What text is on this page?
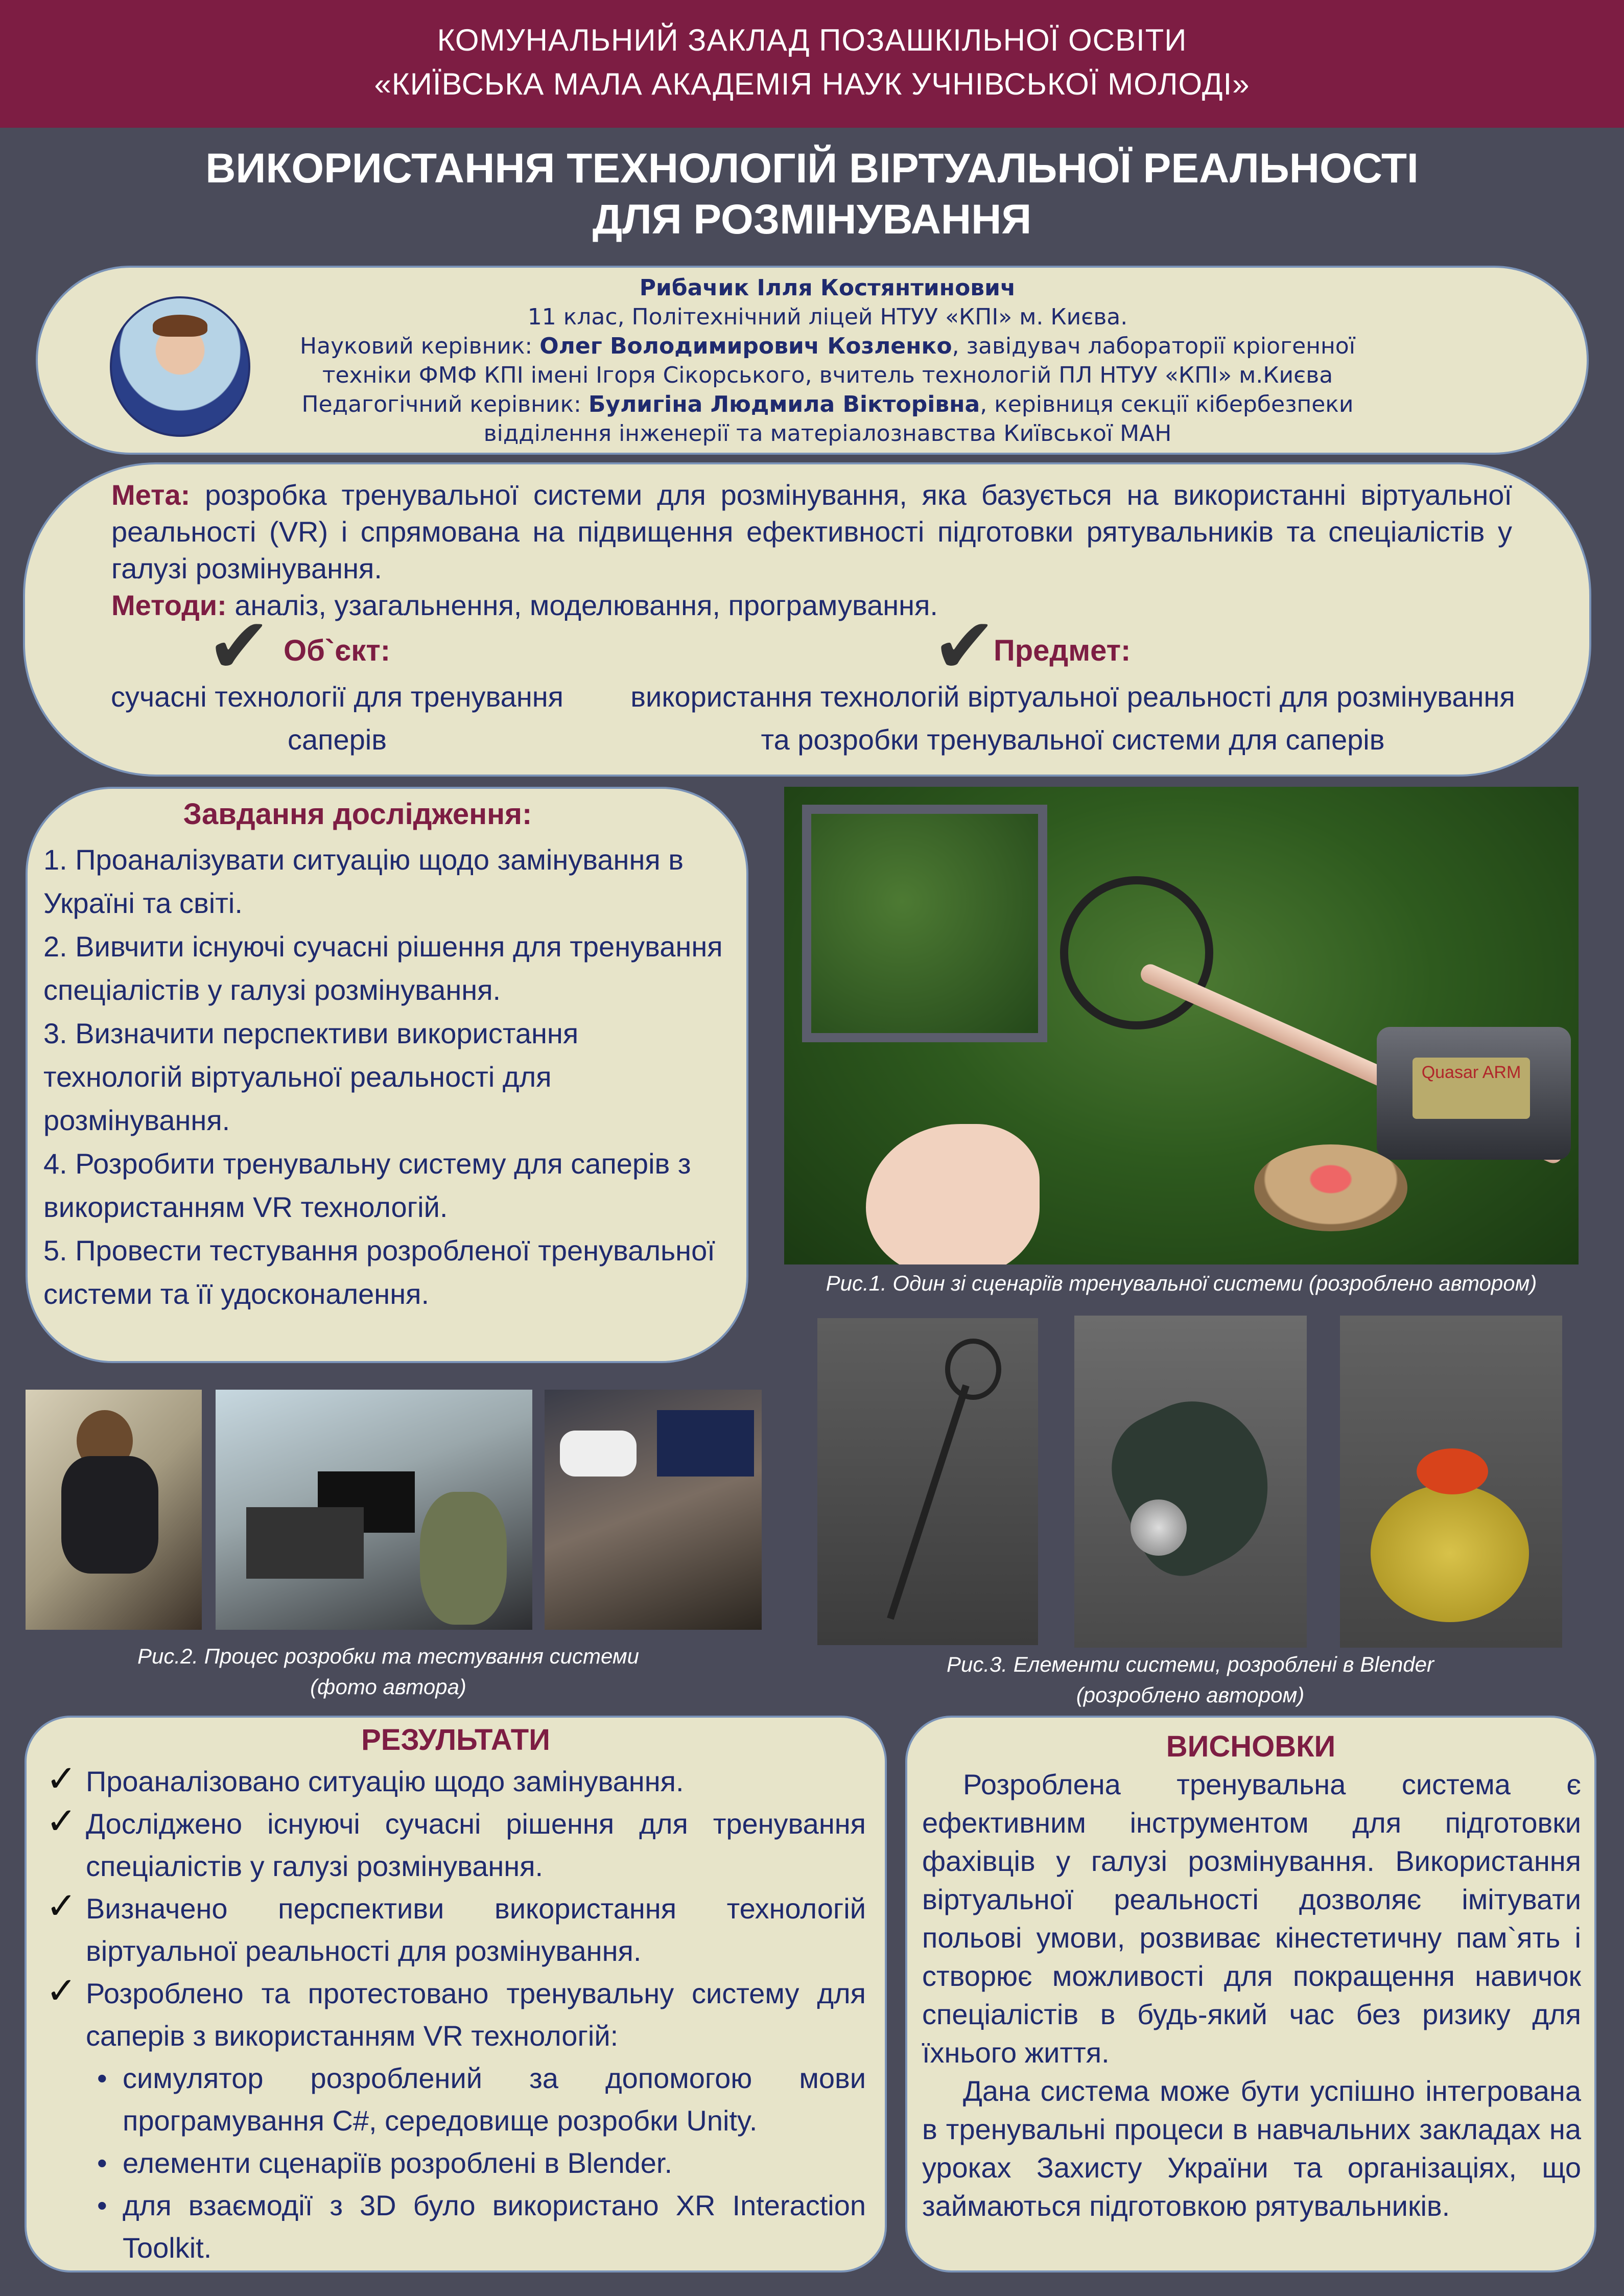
КОМУНАЛЬНИЙ ЗАКЛАД ПОЗАШКІЛЬНОЇ ОСВІТИ
«КИЇВСЬКА МАЛА АКАДЕМІЯ НАУК УЧНІВСЬКОЇ МОЛОДІ»
ВИКОРИСТАННЯ ТЕХНОЛОГІЙ ВІРТУАЛЬНОЇ РЕАЛЬНОСТІ
ДЛЯ РОЗМІНУВАННЯ
Рибачик Ілля Костянтинович
11 клас, Політехнічний ліцей НТУУ «КПІ» м. Києва.
Науковий керівник: Олег Володимирович Козленко, завідувач лабораторії кріогенної
техніки ФМФ КПІ імені Ігоря Сікорського, вчитель технологій ПЛ НТУУ «КПІ» м.Києва
Педагогічний керівник: Булигіна Людмила Вікторівна, керівниця секції кібербезпеки
відділення інженерії та матеріалознавства Київської МАН
Мета: розробка тренувальної системи для розмінування, яка базується на використанні віртуальної реальності (VR) і спрямована на підвищення ефективності підготовки рятувальників та спеціалістів у галузі розмінування.
Методи: аналіз, узагальнення, моделювання, програмування.
✔ Об`єкт:	✔
Предмет:
сучасні технології для тренування саперів
використання технологій віртуальної реальності для розмінування та розробки тренувальної системи для саперів
Завдання дослідження:
1. Проаналізувати ситуацію щодо замінування в Україні та світі.
2. Вивчити існуючі сучасні рішення для тренування спеціалістів у галузі розмінування.
3. Визначити перспективи використання технологій віртуальної реальності для розмінування.
4. Розробити тренувальну систему для саперів з використанням VR технологій.
5. Провести тестування розробленої тренувальної системи та її удосконалення.
Quasar ARM
Рис.1. Один зі сценаріїв тренувальної системи (розроблено автором)
Рис.3. Елементи системи, розроблені в Blender
(розроблено автором)
Рис.2. Процес розробки та тестування системи
(фото автора)
РЕЗУЛЬТАТИ
✓ Проаналізовано ситуацію щодо замінування.
✓ Досліджено існуючі сучасні рішення для тренування спеціалістів у галузі розмінування.
✓ Визначено перспективи використання технологій віртуальної реальності для розмінування.
✓ Розроблено та протестовано тренувальну систему для саперів з використанням VR технологій:
• симулятор розроблений за допомогою мови програмування C#, середовище розробки Unity.
• елементи сценаріїв розроблені в Blender.
• для взаємодії з 3D було використано XR Interaction Toolkit.
ВИСНОВКИ

Розроблена тренувальна система є ефективним інструментом для підготовки фахівців у галузі розмінування. Використання віртуальної реальності дозволяє імітувати польові умови, розвиває кінестетичну пам`ять і створює можливості для покращення навичок спеціалістів в будь-який час без ризику для їхнього життя.

Дана система може бути успішно інтегрована в тренувальні процеси в навчальних закладах на уроках Захисту України та організаціях, що займаються підготовкою рятувальників.
